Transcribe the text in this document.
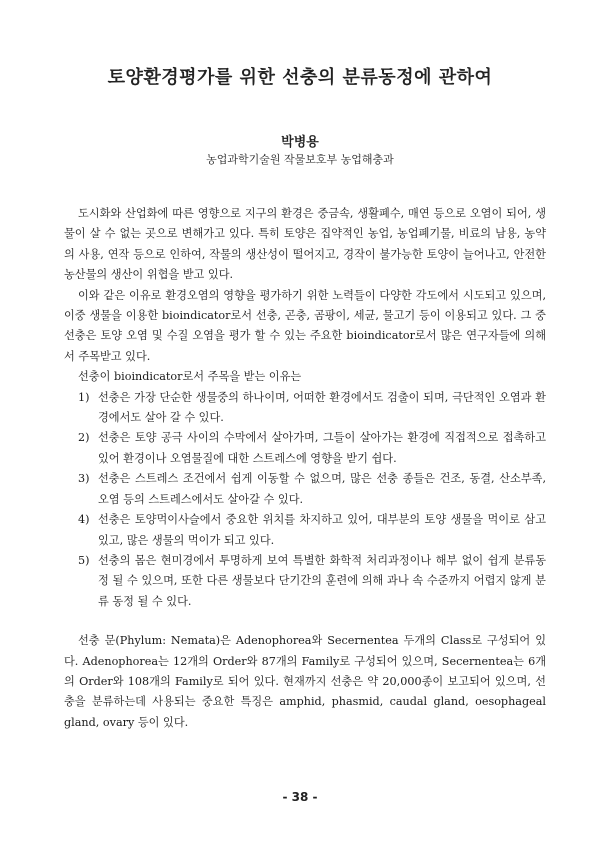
토양환경평가를 위한 선충의 분류동정에 관하여
박병용
농업과학기술원 작물보호부 농업해충과

도시화와 산업화에 따른 영향으로 지구의 환경은 중금속, 생활폐수, 매연 등으로 오염이 되어, 생물이 살 수 없는 곳으로 변해가고 있다. 특히 토양은 집약적인 농업, 농업폐기물, 비료의 남용, 농약의 사용, 연작 등으로 인하여, 작물의 생산성이 떨어지고, 경작이 불가능한 토양이 늘어나고, 안전한 농산물의 생산이 위협을 받고 있다.

이와 같은 이유로 환경오염의 영향을 평가하기 위한 노력들이 다양한 각도에서 시도되고 있으며, 이중 생물을 이용한 bioindicator로서 선충, 곤충, 곰팡이, 세균, 물고기 등이 이용되고 있다. 그 중 선충은 토양 오염 및 수질 오염을 평가 할 수 있는 주요한 bioindicator로서 많은 연구자들에 의해서 주목받고 있다.

선충이 bioindicator로서 주목을 받는 이유는

1) 선충은 가장 단순한 생물중의 하나이며, 어떠한 환경에서도 검출이 되며, 극단적인 오염과 환경에서도 살아 갈 수 있다.
2) 선충은 토양 공극 사이의 수막에서 살아가며, 그들이 살아가는 환경에 직접적으로 접촉하고 있어 환경이나 오염물질에 대한 스트레스에 영향을 받기 쉽다.
3) 선충은 스트레스 조건에서 쉽게 이동할 수 없으며, 많은 선충 종들은 건조, 동결, 산소부족, 오염 등의 스트레스에서도 살아갈 수 있다.
4) 선충은 토양먹이사슬에서 중요한 위치를 차지하고 있어, 대부분의 토양 생물을 먹이로 삼고 있고, 많은 생물의 먹이가 되고 있다.
5) 선충의 몸은 현미경에서 투명하게 보여 특별한 화학적 처리과정이나 해부 없이 쉽게 분류동정 될 수 있으며, 또한 다른 생물보다 단기간의 훈련에 의해 과나 속 수준까지 어렵지 않게 분류 동정 될 수 있다.

선충 문(Phylum: Nemata)은 Adenophorea와 Secernentea 두개의 Class로 구성되어 있다. Adenophorea는 12개의 Order와 87개의 Family로 구성되어 있으며, Secernentea는 6개의 Order와 108개의 Family로 되어 있다. 현재까지 선충은 약 20,000종이 보고되어 있으며, 선충을 분류하는데 사용되는 중요한 특징은 amphid, phasmid, caudal gland, oesophageal gland, ovary 등이 있다.

- 38 -
